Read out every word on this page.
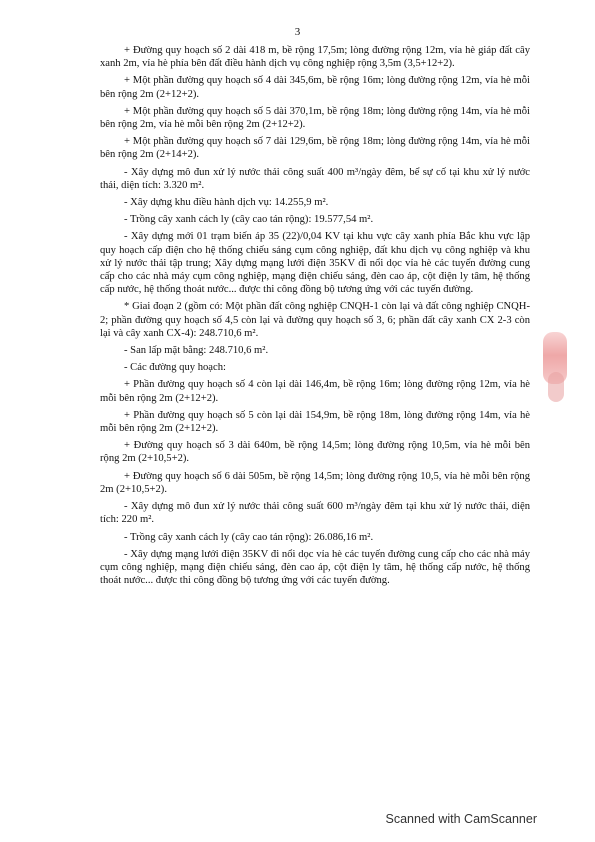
3

+ Đường quy hoạch số 2 dài 418 m, bề rộng 17,5m; lòng đường rộng 12m, vỉa hè giáp đất cây xanh 2m, vỉa hè phía bên đất điều hành dịch vụ công nghiệp rộng 3,5m (3,5+12+2).

+ Một phần đường quy hoạch số 4 dài 345,6m, bề rộng 16m; lòng đường rộng 12m, vỉa hè mỗi bên rộng 2m (2+12+2).

+ Một phần đường quy hoạch số 5 dài 370,1m, bề rộng 18m; lòng đường rộng 14m, vỉa hè mỗi bên rộng 2m, vỉa hè mỗi bên rộng 2m (2+12+2).

+ Một phần đường quy hoạch số 7 dài 129,6m, bề rộng 18m; lòng đường rộng 14m, vỉa hè mỗi bên rộng 2m (2+14+2).

- Xây dựng mô đun xử lý nước thải công suất 400 m³/ngày đêm, bể sự cố tại khu xử lý nước thải, diện tích: 3.320 m².

- Xây dựng khu điều hành dịch vụ: 14.255,9 m².

- Trồng cây xanh cách ly (cây cao tán rộng): 19.577,54 m².

- Xây dựng mới 01 trạm biến áp 35 (22)/0,04 KV tại khu vực cây xanh phía Bắc khu vực lập quy hoạch cấp điện cho hệ thống chiếu sáng cụm công nghiệp, đất khu dịch vụ công nghiệp và khu xử lý nước thải tập trung; Xây dựng mạng lưới điện 35KV đi nổi dọc vỉa hè các tuyến đường cung cấp cho các nhà máy cụm công nghiệp, mạng điện chiếu sáng, đèn cao áp, cột điện ly tâm, hệ thống cấp nước, hệ thống thoát nước... được thi công đồng bộ tương ứng với các tuyến đường.

* Giai đoạn 2 (gồm có: Một phần đất công nghiệp CNQH-1 còn lại và đất công nghiệp CNQH-2; phần đường quy hoạch số 4,5 còn lại và đường quy hoạch số 3, 6; phần đất cây xanh CX 2-3 còn lại và cây xanh CX-4): 248.710,6 m².

- San lấp mặt bằng: 248.710,6 m².

- Các đường quy hoạch:

+ Phần đường quy hoạch số 4 còn lại dài 146,4m, bề rộng 16m; lòng đường rộng 12m, vỉa hè mỗi bên rộng 2m (2+12+2).

+ Phần đường quy hoạch số 5 còn lại dài 154,9m, bề rộng 18m, lòng đường rộng 14m, vỉa hè mỗi bên rộng 2m (2+12+2).

+ Đường quy hoạch số 3 dài 640m, bề rộng 14,5m; lòng đường rộng 10,5m, vỉa hè mỗi bên rộng 2m (2+10,5+2).

+ Đường quy hoạch số 6 dài 505m, bề rộng 14,5m; lòng đường rộng 10,5, vỉa hè mỗi bên rộng 2m (2+10,5+2).

- Xây dựng mô đun xử lý nước thải công suất 600 m³/ngày đêm tại khu xử lý nước thải, diện tích: 220 m².

- Trồng cây xanh cách ly (cây cao tán rộng): 26.086,16 m².

- Xây dựng mạng lưới điện 35KV đi nổi dọc vỉa hè các tuyến đường cung cấp cho các nhà máy cụm công nghiệp, mạng điện chiếu sáng, đèn cao áp, cột điện ly tâm, hệ thống cấp nước, hệ thống thoát nước... được thi công đồng bộ tương ứng với các tuyến đường.

Scanned with CamScanner
